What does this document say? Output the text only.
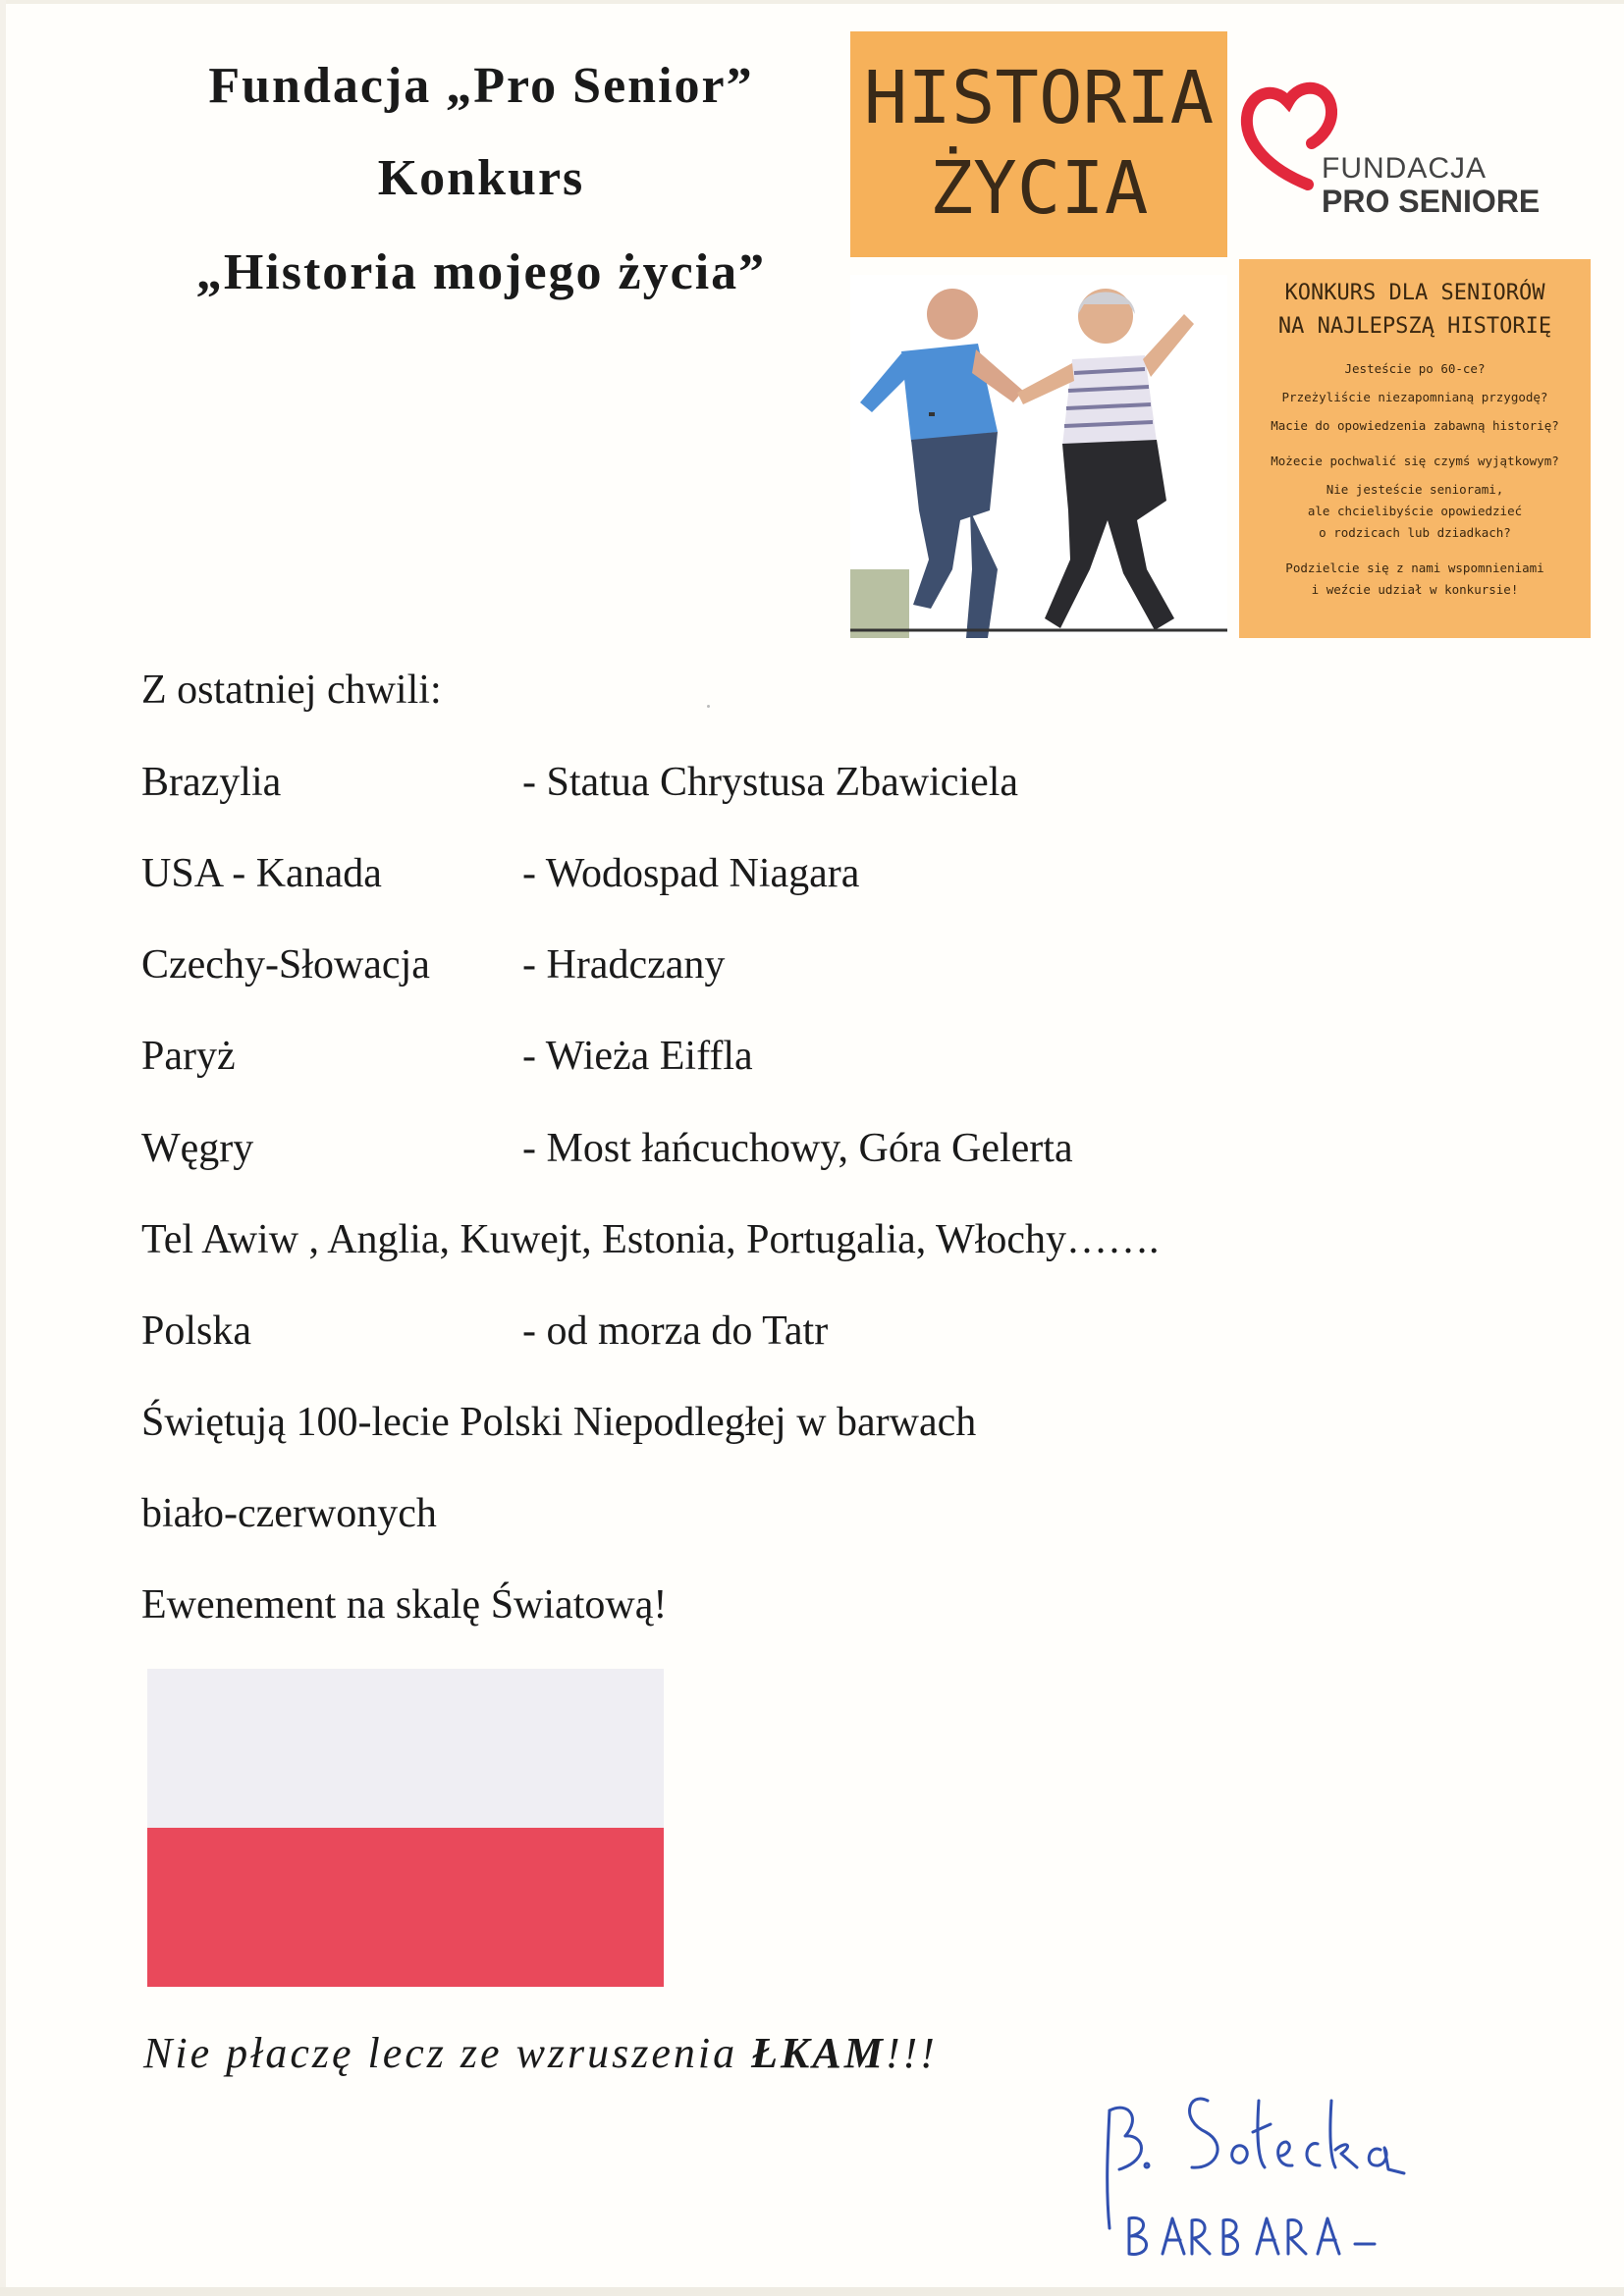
Fundacja „Pro Senior”
Konkurs
„Historia mojego życia”
HISTORIA
ŻYCIA	FUNDACJA
PRO SENIORE
KONKURS DLA SENIORÓW
NA NAJLEPSZĄ HISTORIĘ
Jesteście po 60-ce?
Przeżyliście niezapomnianą przygodę?
Macie do opowiedzenia zabawną historię?
Możecie pochwalić się czymś wyjątkowym?
Nie jesteście seniorami,
ale chcielibyście opowiedzieć
o rodzicach lub dziadkach?
Podzielcie się z nami wspomnieniami
i weźcie udział w konkursie!
Z ostatniej chwili:
Brazylia	- Statua Chrystusa Zbawiciela
USA - Kanada	- Wodospad Niagara
Czechy-Słowacja - Hradczany
Paryż	- Wieża Eiffla
Węgry	- Most łańcuchowy, Góra Gelerta
Tel Awiw , Anglia, Kuwejt, Estonia, Portugalia, Włochy…….
Polska	- od morza do Tatr
Świętują 100-lecie Polski Niepodległej w barwach
biało-czerwonych
Ewenement na skalę Światową!
Nie płaczę lecz ze wzruszenia ŁKAM!!!
